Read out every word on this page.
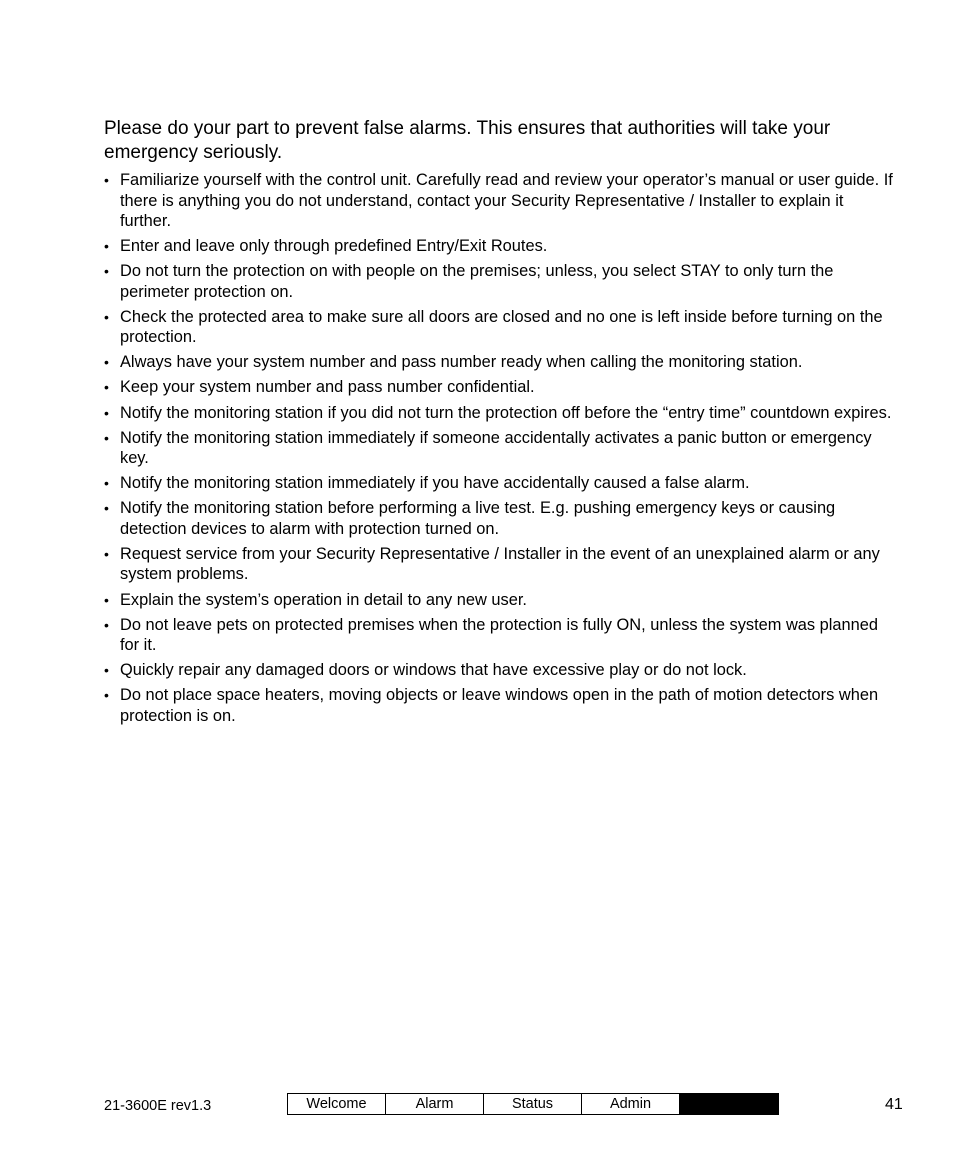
Please do your part to prevent false alarms. This ensures that authorities will take your emergency seriously.

• Familiarize yourself with the control unit. Carefully read and review your operator’s manual or user guide. If there is anything you do not understand, contact your Security Representative / Installer to explain it further.
• Enter and leave only through predefined Entry/Exit Routes.
• Do not turn the protection on with people on the premises; unless, you select STAY to only turn the perimeter protection on.
• Check the protected area to make sure all doors are closed and no one is left inside before turning on the protection.
• Always have your system number and pass number ready when calling the monitoring station.
• Keep your system number and pass number confidential.
• Notify the monitoring station if you did not turn the protection off before the “entry time” countdown expires.
• Notify the monitoring station immediately if someone accidentally activates a panic button or emergency key.
• Notify the monitoring station immediately if you have accidentally caused a false alarm.
• Notify the monitoring station before performing a live test. E.g. pushing emergency keys or causing detection devices to alarm with protection turned on.
• Request service from your Security Representative / Installer in the event of an unexplained alarm or any system problems.
• Explain the system’s operation in detail to any new user.
• Do not leave pets on protected premises when the protection is fully ON, unless the system was planned for it.
• Quickly repair any damaged doors or windows that have excessive play or do not lock.
• Do not place space heaters, moving objects or leave windows open in the path of motion detectors when protection is on.
21-3600E rev1.3	Welcome	Alarm	Status	Admin	41
